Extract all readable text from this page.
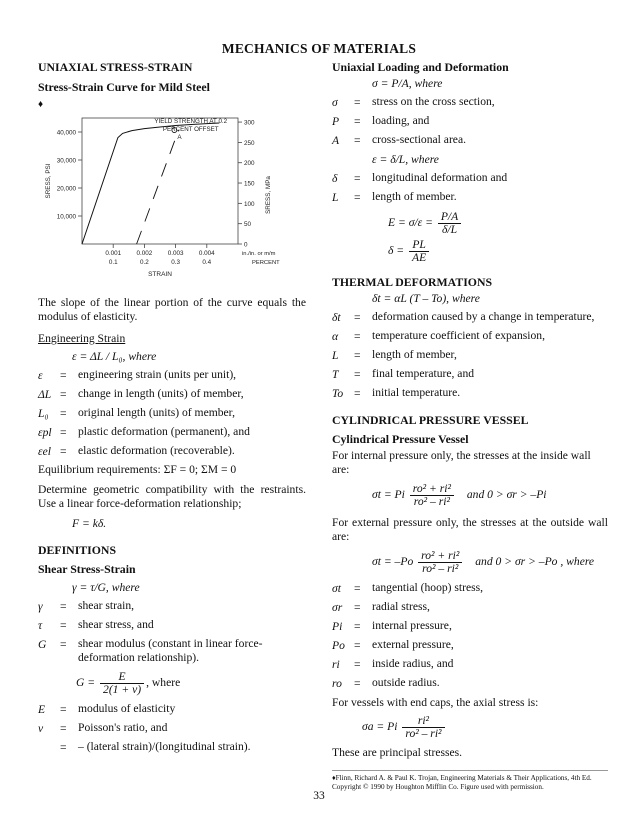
MECHANICS OF MATERIALS
UNIAXIAL STRESS-STRAIN
Stress-Strain Curve for Mild Steel
♦
10,000
20,000
30,000
40,000
0
50
100
150
200
250
300
0.001
0.1
0.002
0.2
0.003
0.3
0.004
0.4
in./in. or m/m
PERCENT
STRAIN
SRESS, PSI	SRESS, MPa
A
YIELD STRENGTH AT 0.2
PERCENT OFFSET
The slope of the linear portion of the curve equals the modulus of elasticity.
Engineering Strain
ε = ΔL / L₀, where
ε	= engineering strain (units per unit),
ΔL = change in length (units) of member,
L₀ = original length (units) of member,
εpl = plastic deformation (permanent), and
εel = elastic deformation (recoverable).
Equilibrium requirements: ΣF = 0; ΣM = 0
Determine geometric compatibility with the restraints. Use a linear force-deformation relationship;
F = kδ.
DEFINITIONS
Shear Stress-Strain
γ = τ/G, where
γ	= shear strain,
τ	= shear stress, and
G	= shear modulus (constant in linear force-deformation relationship).
$G = \frac{E}{2(1 + \nu)}$ , where
E	= modulus of elasticity
ν	= Poisson's ratio, and
= – (lateral strain)/(longitudinal strain).
Uniaxial Loading and Deformation
σ = P/A, where
σ	= stress on the cross section,
P	= loading, and
A	= cross-sectional area.
ε = δ/L, where
δ	= longitudinal deformation and
L	= length of member.
$E = \sigma/\varepsilon = \frac{P/A}{\delta/L}$
$\delta = \frac{PL}{AE}$
THERMAL DEFORMATIONS
δt = αL (T – To), where
δt	= deformation caused by a change in temperature,
α	= temperature coefficient of expansion,
L	= length of member,
T	= final temperature, and
To = initial temperature.
CYLINDRICAL PRESSURE VESSEL
Cylindrical Pressure Vessel
For internal pressure only, the stresses at the inside wall are:
σt = Pi $\frac{\text{ro² + ri²}}{\text{ro² – ri²}}$ and 0 > σr > –Pi
For external pressure only, the stresses at the outside wall are:
$\sigma t = -Po \frac{\text{ro² + ri²}}{\text{ro² – ri²}}$ and 0 > σr > –Po , where
σt	= tangential (hoop) stress,
σr	= radial stress,
Pi	= internal pressure,
Po = external pressure,
ri	= inside radius, and
ro	= outside radius.
For vessels with end caps, the axial stress is:
σa = Pi $\frac{\text{ri²}}{\text{ro² – ri²}}$
These are principal stresses.
♦Flinn, Richard A. & Paul K. Trojan, Engineering Materials & Their Applications, 4th Ed. Copyright © 1990 by Houghton Mifflin Co. Figure used with permission.
33
